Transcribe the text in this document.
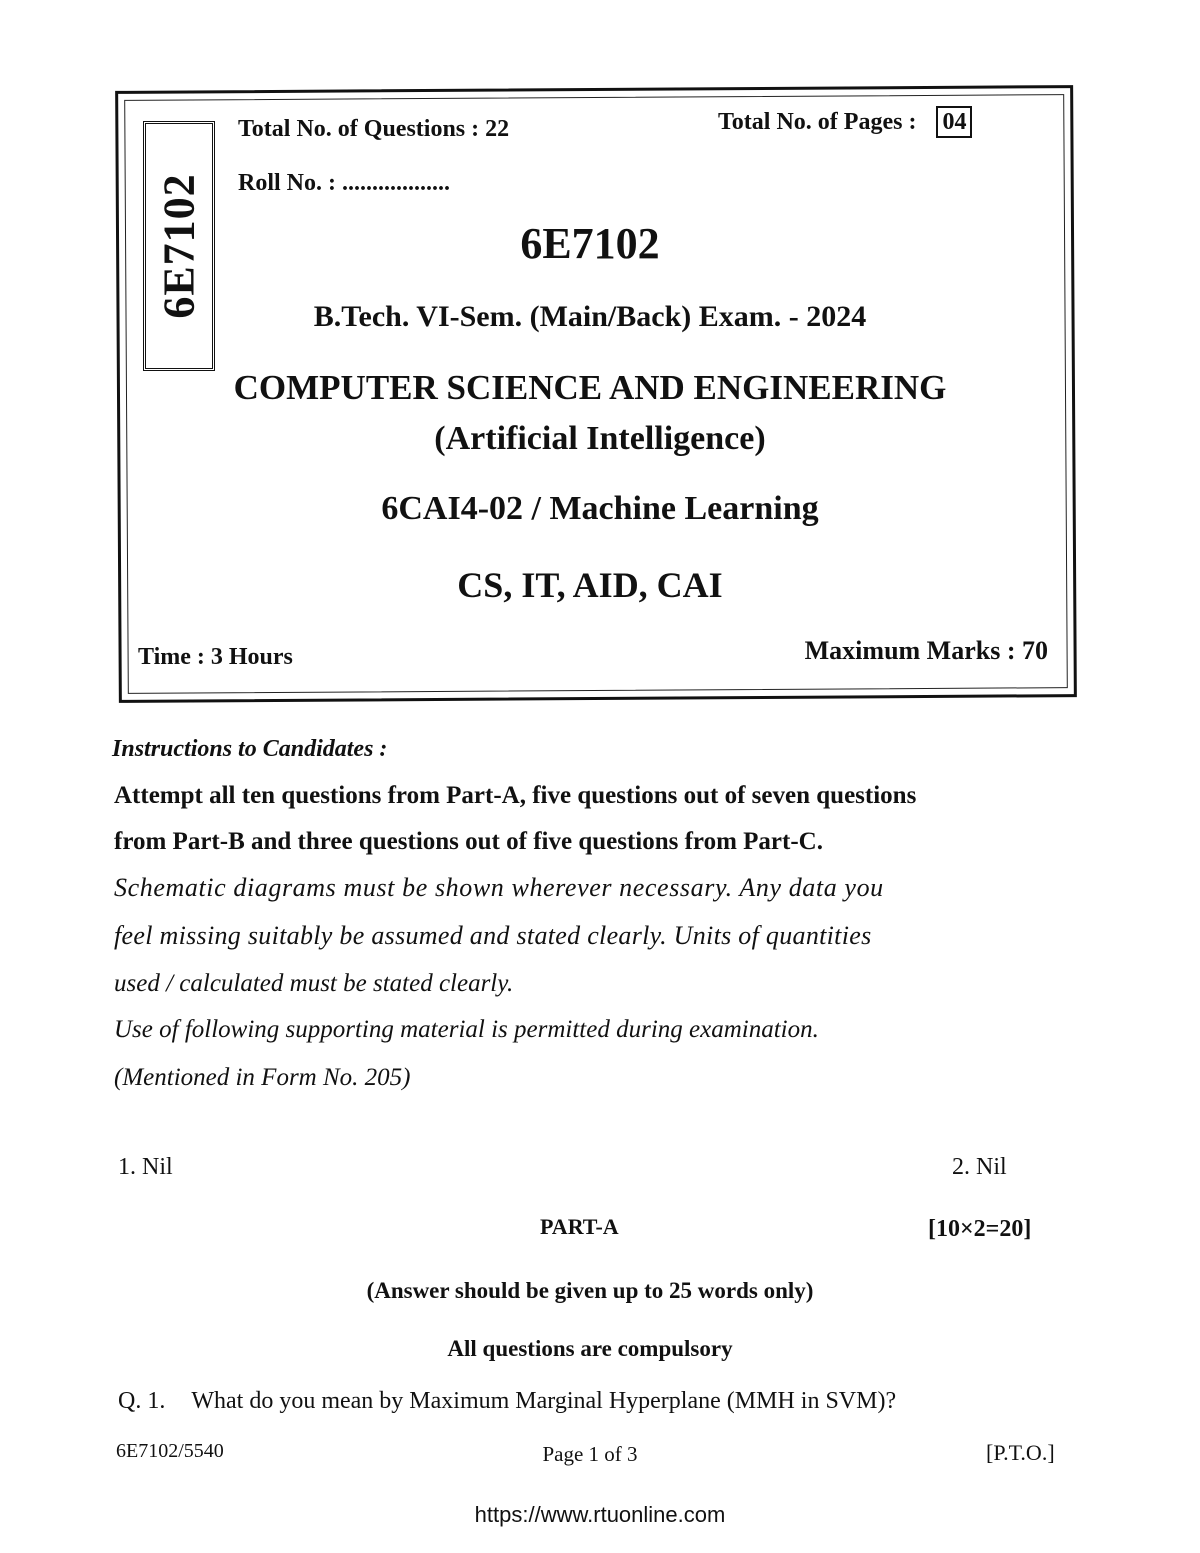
6E7102
Total No. of Questions : 22	Total No. of Pages : 04
Roll No. : ..................
6E7102
B.Tech. VI-Sem. (Main/Back) Exam. - 2024
COMPUTER SCIENCE AND ENGINEERING
(Artificial Intelligence)
6CAI4-02 / Machine Learning
CS, IT, AID, CAI
Time : 3 Hours	Maximum Marks : 70
Instructions to Candidates :
Attempt all ten questions from Part-A, five questions out of seven questions
from Part-B and three questions out of five questions from Part-C.
Schematic diagrams must be shown wherever necessary. Any data you
feel missing suitably be assumed and stated clearly. Units of quantities
used / calculated must be stated clearly.
Use of following supporting material is permitted during examination.
(Mentioned in Form No. 205)
1. Nil	2. Nil
PART-A	[10×2=20]
(Answer should be given up to 25 words only)
All questions are compulsory
Q. 1. What do you mean by Maximum Marginal Hyperplane (MMH in SVM)?
6E7102/5540	Page 1 of 3	[P.T.O.]
https://www.rtuonline.com
